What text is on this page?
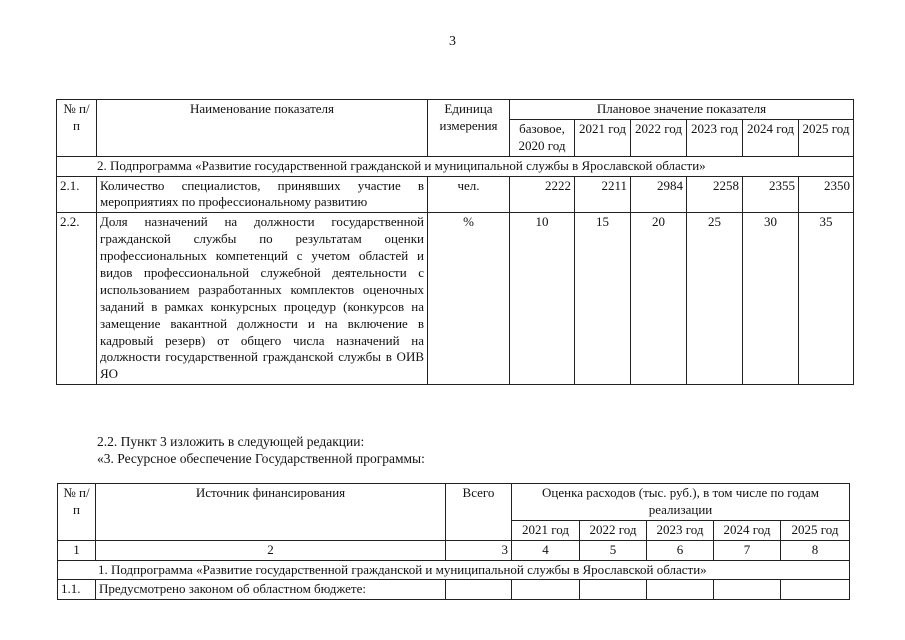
3
№ п/п	Наименование показателя	Единица измерения	Плановое значение показателя					
			базовое, 2020 год	2021 год	2022 год	2023 год	2024 год	2025 год
2. Подпрограмма «Развитие государственной гражданской и муниципальной службы в Ярославской области»								
2.1.	Количество специалистов, принявших участие в мероприятиях по профессиональному развитию	чел.	2222	2211	2984	2258	2355	2350
2.2.	Доля назначений на должности государственной гражданской службы по результатам оценки профессиональных компетенций с учетом областей и видов профессиональной служебной деятельности с использованием разработанных комплектов оценочных заданий в рамках конкурсных процедур (конкурсов на замещение вакантной должности и на включение в кадровый резерв) от общего числа назначений на должности государственной гражданской службы в ОИВ ЯО	%	10	15	20	25	30	35
2.2. Пункт 3 изложить в следующей редакции:
«3. Ресурсное обеспечение Государственной программы:
№ п/п	Источник финансирования	Всего	Оценка расходов (тыс. руб.), в том числе по годам реализации				
			2021 год	2022 год	2023 год	2024 год	2025 год
1	2	3	4	5	6	7	8
1. Подпрограмма «Развитие государственной гражданской и муниципальной службы в Ярославской области»							
1.1.	Предусмотрено законом об областном бюджете:						
